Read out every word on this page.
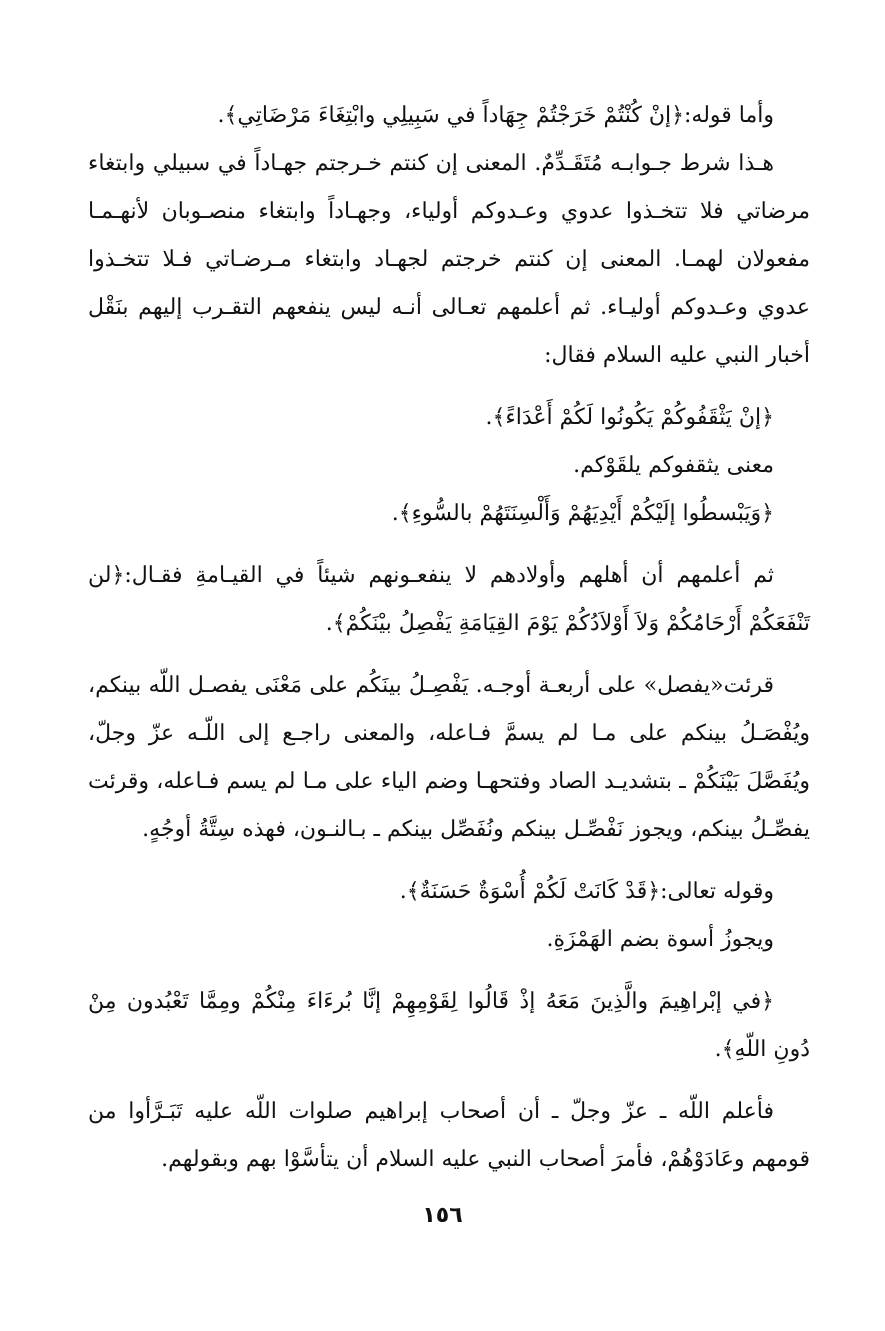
وأما قوله:﴿إنْ كُنْتُمْ خَرَجْتُمْ جِهَاداً في سَبِيلِي وابْتِغَاءَ مَرْضَاتِي﴾.

هـذا شرط جـوابـه مُتَقَـدِّمٌ. المعنى إن كنتم خـرجتم جهـاداً في سبيلي وابتغاء مرضاتي فلا تتخـذوا عدوي وعـدوكم أولياء، وجهـاداً وابتغاء منصـوبان لأنهـمـا مفعولان لهمـا. المعنى إن كنتم خرجتم لجهـاد وابتغاء مـرضـاتي فـلا تتخـذوا عدوي وعـدوكم أوليـاء. ثم أعلمهم تعـالى أنـه ليس ينفعهم التقـرب إليهم بنَقْل أخبار النبي عليه السلام فقال:

﴿إنْ يَثْقَفُوكُمْ يَكُونُوا لَكُمْ أَعْدَاءً﴾.

معنى يثقفوكم يلقَوْكم.

﴿وَيَبْسطُوا إلَيْكُمْ أَيْدِيَهُمْ وَأَلْسِنَتَهُمْ بالسُّوءِ﴾.

ثم أعلمهم أن أهلهم وأولادهم لا ينفعـونهم شيئاً في القيـامةِ فقـال:﴿لن تَنْفَعَكُمْ أَرْحَامُكُمْ وَلاَ أَوْلاَدُكُمْ يَوْمَ القِيَامَةِ يَفْصِلُ بيْنَكُمْ﴾.

قرئت«يفصل» على أربعـة أوجـه. يَفْصِـلُ بينَكُم على مَعْنَى يفصـل اللّه بينكم، ويُفْصَـلُ بينكم على مـا لم يسمَّ فـاعله، والمعنى راجـع إلى اللّـه عزّ وجلّ، ويُفَصَّلَ بَيْنَكُمْ ـ بتشديـد الصاد وفتحهـا وضم الياء على مـا لم يسم فـاعله، وقرئت يفصِّـلُ بينكم، ويجوز نَفْصِّـل بينكم ونُفَصِّل بينكم ـ بـالنـون، فهذه سِتَّةُ أوجُهٍ.

وقوله تعالى:﴿قَدْ كَانَتْ لَكُمْ أُسْوَةٌ حَسَنَةٌ﴾.

ويجوزُ أسوة بضم الهَمْزَةِ.

﴿في إبْراهِيمَ والَّذِينَ مَعَهُ إذْ قَالُوا لِقَوْمِهِمْ إنَّا بُرءَاءَ مِنْكُمْ ومِمَّا تَعْبُدون مِنْ دُونِ اللّهِ﴾.

فأعلم اللّه ـ عزّ وجلّ ـ أن أصحاب إبراهيم صلوات اللّه عليه تَبَـرَّأوا من قومهم وعَادَوْهُمْ، فأمرَ أصحاب النبي عليه السلام أن يتأسَّوْا بهم وبقولهم.

١٥٦
